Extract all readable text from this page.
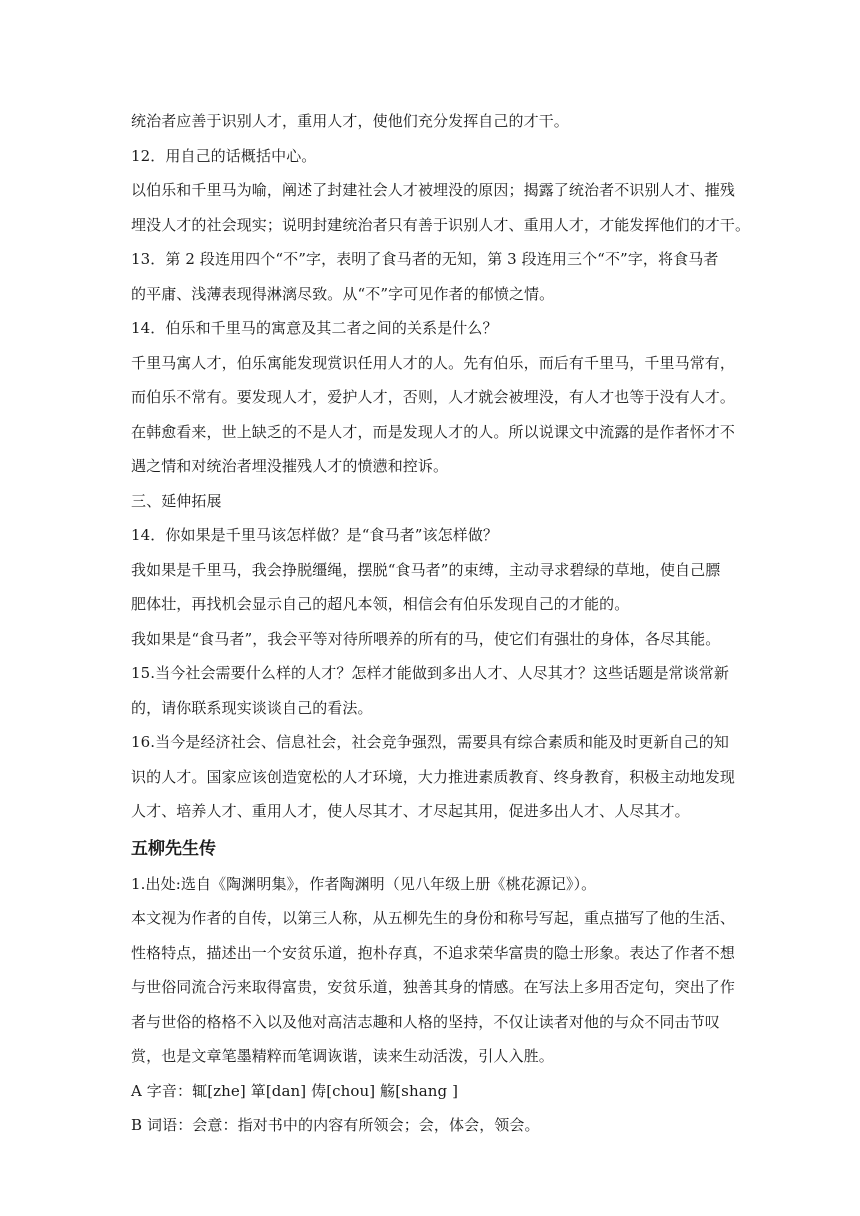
统治者应善于识别人才，重用人才，使他们充分发挥自己的才干。
12．用自己的话概括中心。
以伯乐和千里马为喻，阐述了封建社会人才被埋没的原因；揭露了统治者不识别人才、摧残
埋没人才的社会现实；说明封建统治者只有善于识别人才、重用人才，才能发挥他们的才干。
13．第 2 段连用四个“不”字，表明了食马者的无知，第 3 段连用三个“不”字，将食马者
的平庸、浅薄表现得淋漓尽致。从“不”字可见作者的郁愤之情。
14．伯乐和千里马的寓意及其二者之间的关系是什么？
千里马寓人才，伯乐寓能发现赏识任用人才的人。先有伯乐，而后有千里马，千里马常有，
而伯乐不常有。要发现人才，爱护人才，否则，人才就会被埋没，有人才也等于没有人才。
在韩愈看来，世上缺乏的不是人才，而是发现人才的人。所以说课文中流露的是作者怀才不
遇之情和对统治者埋没摧残人才的愤懑和控诉。
三、延伸拓展
14．你如果是千里马该怎样做？是“食马者”该怎样做？
我如果是千里马，我会挣脱缰绳，摆脱“食马者”的束缚，主动寻求碧绿的草地，使自己膘
肥体壮，再找机会显示自己的超凡本领，相信会有伯乐发现自己的才能的。
我如果是“食马者”，我会平等对待所喂养的所有的马，使它们有强壮的身体，各尽其能。
15.当今社会需要什么样的人才？怎样才能做到多出人才、人尽其才？这些话题是常谈常新
的，请你联系现实谈谈自己的看法。
16.当今是经济社会、信息社会，社会竞争强烈，需要具有综合素质和能及时更新自己的知
识的人才。国家应该创造宽松的人才环境，大力推进素质教育、终身教育，积极主动地发现
人才、培养人才、重用人才，使人尽其才、才尽起其用，促进多出人才、人尽其才。
五柳先生传
1.出处:选自《陶渊明集》，作者陶渊明（见八年级上册《桃花源记》）。
本文视为作者的自传，以第三人称，从五柳先生的身份和称号写起，重点描写了他的生活、
性格特点，描述出一个安贫乐道，抱朴存真，不追求荣华富贵的隐士形象。表达了作者不想
与世俗同流合污来取得富贵，安贫乐道，独善其身的情感。在写法上多用否定句，突出了作
者与世俗的格格不入以及他对高洁志趣和人格的坚持，不仅让读者对他的与众不同击节叹
赏，也是文章笔墨精粹而笔调诙谐，读来生动活泼，引人入胜。
A 字音：辄[zhe] 箪[dan] 俦[chou] 觞[shang ]
B 词语：会意：指对书中的内容有所领会；会，体会，领会。
